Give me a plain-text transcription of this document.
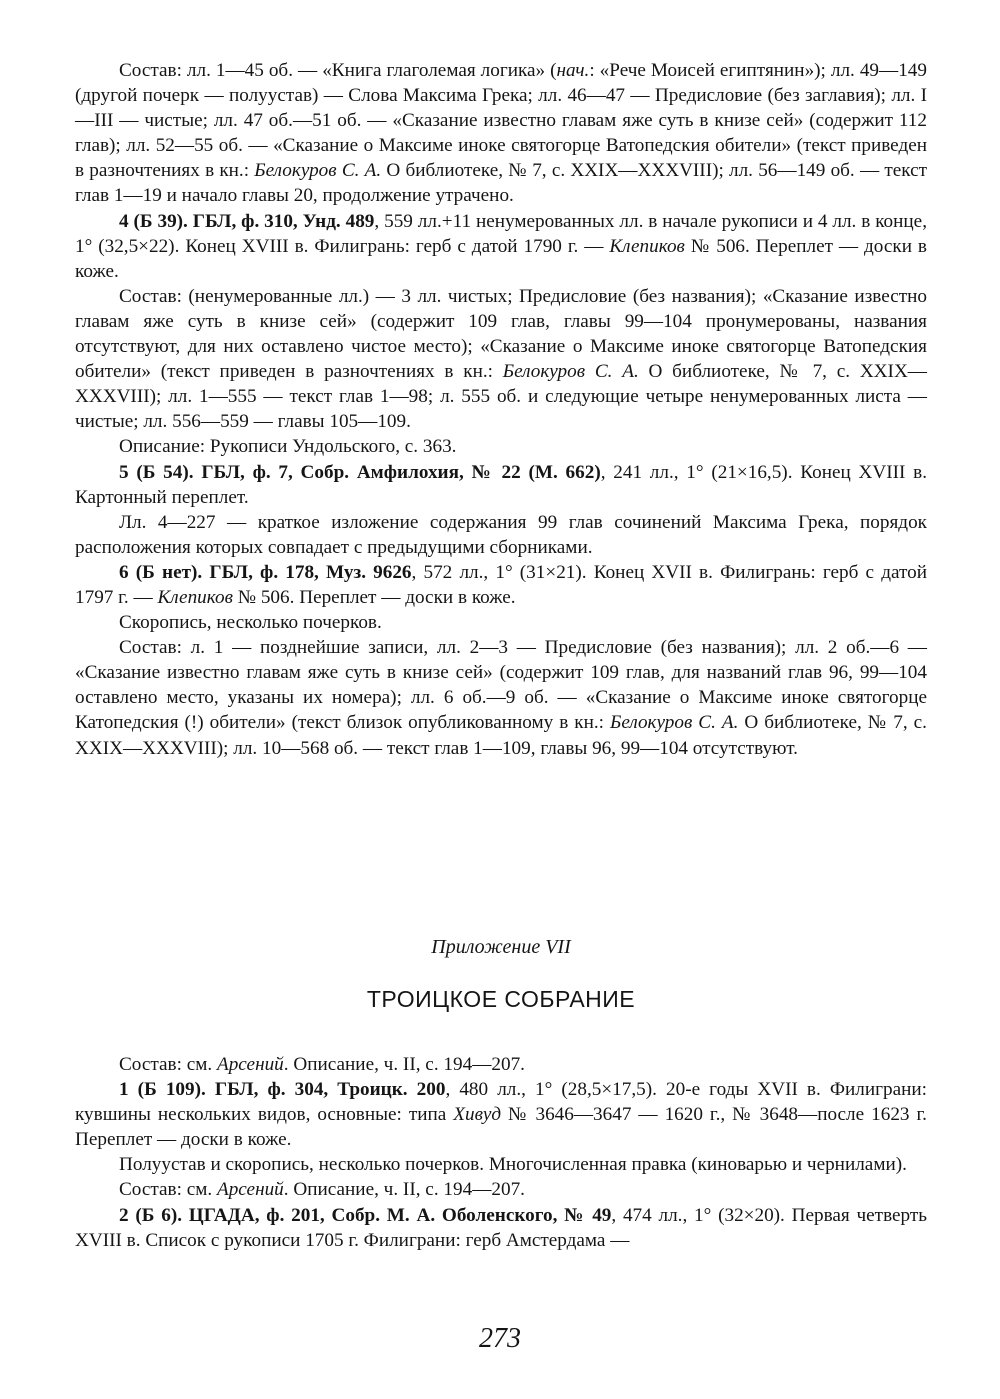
Состав: лл. 1—45 об. — «Книга глаголемая логика» (нач.: «Рече Моисей египтянин»); лл. 49—149 (другой почерк — полуустав) — Слова Максима Грека; лл. 46—47 — Предисловие (без заглавия); лл. I—III — чистые; лл. 47 об.—51 об. — «Сказание известно главам яже суть в книзе сей» (содержит 112 глав); лл. 52—55 об. — «Сказание о Максиме иноке святогорце Ватопедския обители» (текст приведен в разночтениях в кн.: Белокуров С. А. О библиотеке, № 7, с. XXIX—XXXVIII); лл. 56—149 об. — текст глав 1—19 и начало главы 20, продолжение утрачено.

4 (Б 39). ГБЛ, ф. 310, Унд. 489, 559 лл.+11 ненумерованных лл. в начале рукописи и 4 лл. в конце, 1° (32,5×22). Конец XVIII в. Филигрань: герб с датой 1790 г. — Клепиков № 506. Переплет — доски в коже.

Состав: (ненумерованные лл.) — 3 лл. чистых; Предисловие (без названия); «Сказание известно главам яже суть в книзе сей» (содержит 109 глав, главы 99—104 пронумерованы, названия отсутствуют, для них оставлено чистое место); «Сказание о Максиме иноке святогорце Ватопедския обители» (текст приведен в разночтениях в кн.: Белокуров С. А. О библиотеке, № 7, с. XXIX—XXXVIII); лл. 1—555 — текст глав 1—98; л. 555 об. и следующие четыре ненумерованных листа — чистые; лл. 556—559 — главы 105—109.

Описание: Рукописи Ундольского, с. 363.

5 (Б 54). ГБЛ, ф. 7, Собр. Амфилохия, № 22 (М. 662), 241 лл., 1° (21×16,5). Конец XVIII в. Картонный переплет.

Лл. 4—227 — краткое изложение содержания 99 глав сочинений Максима Грека, порядок расположения которых совпадает с предыдущими сборниками.

6 (Б нет). ГБЛ, ф. 178, Муз. 9626, 572 лл., 1° (31×21). Конец XVII в. Филигрань: герб с датой 1797 г. — Клепиков № 506. Переплет — доски в коже.

Скоропись, несколько почерков.

Состав: л. 1 — позднейшие записи, лл. 2—3 — Предисловие (без названия); лл. 2 об.—6 — «Сказание известно главам яже суть в книзе сей» (содержит 109 глав, для названий глав 96, 99—104 оставлено место, указаны их номера); лл. 6 об.—9 об. — «Сказание о Максиме иноке святогорце Катопедския (!) обители» (текст близок опубликованному в кн.: Белокуров С. А. О библиотеке, № 7, с. XXIX—XXXVIII); лл. 10—568 об. — текст глав 1—109, главы 96, 99—104 отсутствуют.

Приложение VII
ТРОИЦКОЕ СОБРАНИЕ

Состав: см. Арсений. Описание, ч. II, с. 194—207.

1 (Б 109). ГБЛ, ф. 304, Троицк. 200, 480 лл., 1° (28,5×17,5). 20-е годы XVII в. Филиграни: кувшины нескольких видов, основные: типа Хивуд № 3646—3647 — 1620 г., № 3648—после 1623 г. Переплет — доски в коже.

Полуустав и скоропись, несколько почерков. Многочисленная правка (киноварью и чернилами).

Состав: см. Арсений. Описание, ч. II, с. 194—207.

2 (Б 6). ЦГАДА, ф. 201, Собр. М. А. Оболенского, № 49, 474 лл., 1° (32×20). Первая четверть XVIII в. Список с рукописи 1705 г. Филиграни: герб Амстердама —

273
